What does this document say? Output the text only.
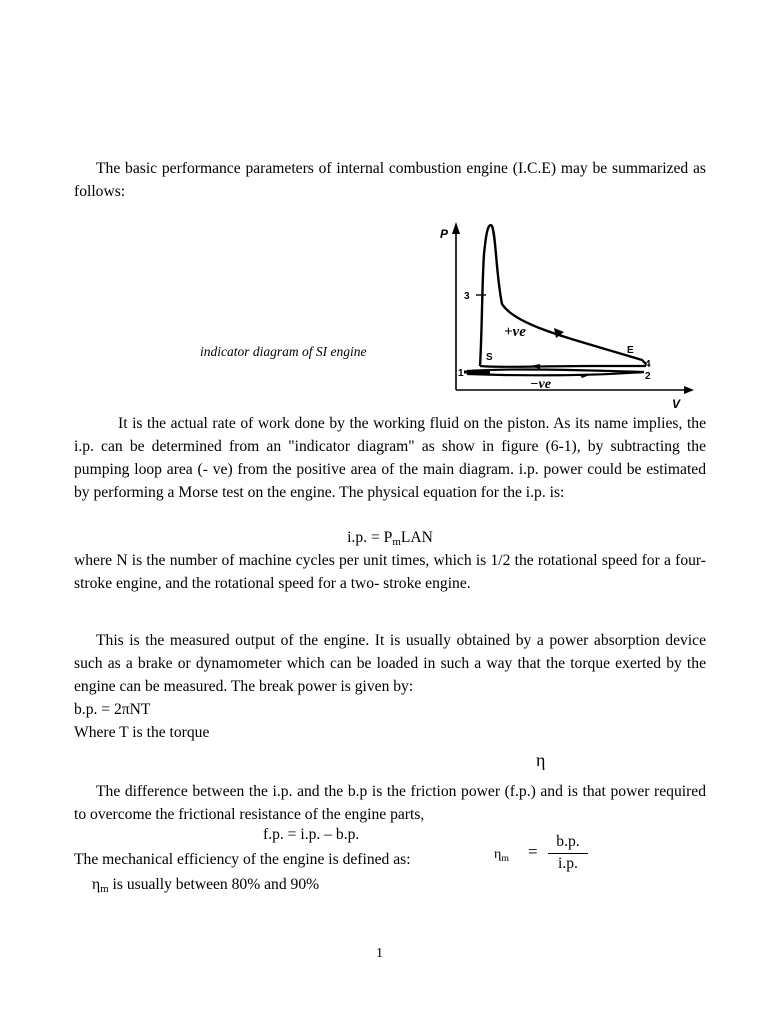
The basic performance parameters of internal combustion engine (I.C.E) may be summarized as follows:

P
V
3
S
1
E
4
2
+ve
−ve
indicator diagram of SI engine

It is the actual rate of work done by the working fluid on the piston. As its name implies, the i.p. can be determined from an "indicator diagram" as show in figure (6-1), by subtracting the pumping loop area (- ve) from the positive area of the main diagram. i.p. power could be estimated by performing a Morse test on the engine. The physical equation for the i.p. is:

i.p. = $P_mLAN$

where N is the number of machine cycles per unit times, which is 1/2 the rotational speed for a four- stroke engine, and the rotational speed for a two- stroke engine.

This is the measured output of the engine. It is usually obtained by a power absorption device such as a brake or dynamometer which can be loaded in such a way that the torque exerted by the engine can be measured. The break power is given by:

b.p. = 2πNT
Where T is the torque
η

The difference between the i.p. and the b.p is the friction power (f.p.) and is that power required to overcome the frictional resistance of the engine parts,

f.p. = i.p. – b.p.
The mechanical efficiency of the engine is defined as:	$\eta_m = \frac{b.p.}{i.p.}$
$\eta_m$ is usually between 80% and 90%
1
